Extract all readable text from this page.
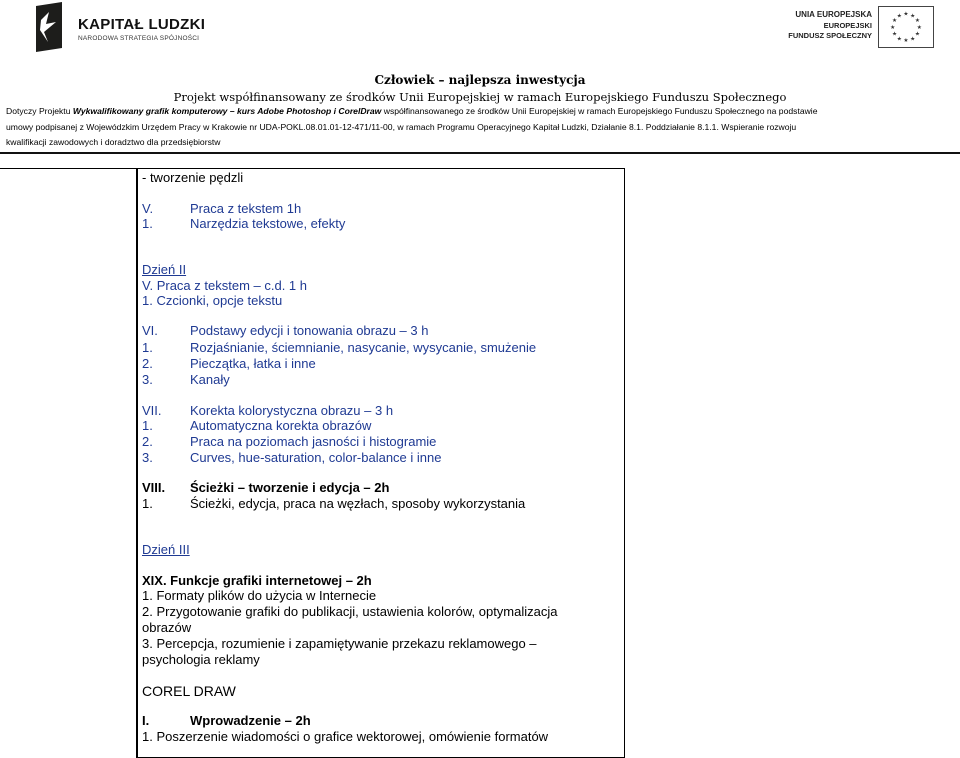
KAPITAŁ LUDZKI
NARODOWA STRATEGIA SPÓJNOŚCI
UNIA EUROPEJSKA
EUROPEJSKI
FUNDUSZ SPOŁECZNY
★ ★
★
★
★
★
★
★
★
★
★
★
Człowiek – najlepsza inwestycja
Projekt współfinansowany ze środków Unii Europejskiej w ramach Europejskiego Funduszu Społecznego
Dotyczy Projektu Wykwalifikowany grafik komputerowy – kurs Adobe Photoshop i CorelDraw współfinansowanego ze środków Unii Europejskiej w ramach Europejskiego Funduszu Społecznego na podstawie
umowy podpisanej z Wojewódzkim Urzędem Pracy w Krakowie nr UDA-POKL.08.01.01-12-471/11-00, w ramach Programu Operacyjnego Kapitał Ludzki, Działanie 8.1. Poddziałanie 8.1.1. Wspieranie rozwoju
kwalifikacji zawodowych i doradztwo dla przedsiębiorstw
- tworzenie pędzli
V.	Praca z tekstem 1h
1.	Narzędzia tekstowe, efekty
Dzień II
V. Praca z tekstem – c.d. 1 h
1. Czcionki, opcje tekstu
VI. Podstawy edycji i tonowania obrazu – 3 h
1.	Rozjaśnianie, ściemnianie, nasycanie, wysycanie, smużenie
2.	Pieczątka, łatka i inne
3.	Kanały
VII. Korekta kolorystyczna obrazu – 3 h
1.	Automatyczna korekta obrazów
2.	Praca na poziomach jasności i histogramie
3.	Curves, hue-saturation, color-balance i inne
VIII. Ścieżki – tworzenie i edycja – 2h
1.	Ścieżki, edycja, praca na węzłach, sposoby wykorzystania
Dzień III
XIX. Funkcje grafiki internetowej – 2h
1. Formaty plików do użycia w Internecie
2. Przygotowanie grafiki do publikacji, ustawienia kolorów, optymalizacja
obrazów
3. Percepcja, rozumienie i zapamiętywanie przekazu reklamowego –
psychologia reklamy
COREL DRAW
I.	Wprowadzenie – 2h
1. Poszerzenie wiadomości o grafice wektorowej, omówienie formatów
